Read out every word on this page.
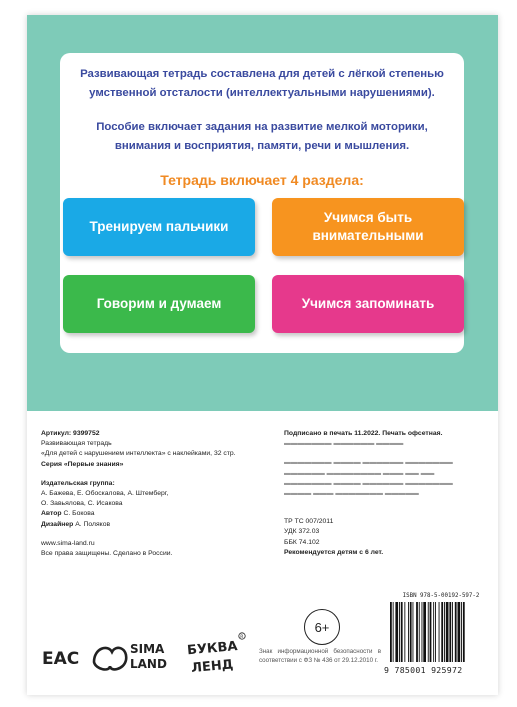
Развивающая тетрадь составлена для детей с лёгкой степенью умственной отсталости (интеллектуальными нарушениями).

Пособие включает задания на развитие мелкой моторики, внимания и восприятия, памяти, речи и мышления.

Тетрадь включает 4 раздела:

Тренируем пальчики
Учимся быть внимательными
Говорим и думаем	Учимся запоминать
Артикул: 9399752
Развивающая тетрадь
«Для детей с нарушением интеллекта» с наклейками, 32 стр.
Серия «Первые знания»
Издательская группа:
А. Бажева, Е. Обоскалова, А. Штемберг,
О. Завьялова, С. Исакова
Автор С. Бокова
Дизайнер А. Поляков
www.sima-land.ru
Все права защищены. Сделано в России.
Подписано в печать 11.2022. Печать офсетная.
▬▬▬▬▬▬▬ ▬▬▬▬▬▬ ▬▬▬▬
▬▬▬▬▬▬▬ ▬▬▬▬ ▬▬▬▬▬▬ ▬▬▬▬▬▬▬
▬▬▬▬▬▬ ▬▬▬▬▬▬▬▬ ▬▬▬ ▬▬ ▬▬
▬▬▬▬▬▬▬ ▬▬▬▬ ▬▬▬▬▬▬ ▬▬▬▬▬▬▬
▬▬▬▬ ▬▬▬ ▬▬▬▬▬▬▬ ▬▬▬▬▬
ТР ТС 007/2011
УДК 372.03
ББК 74.102
Рекомендуется детям с 6 лет.
EAC	SIMA
LAND
БУКВА
ЛЕНД
R
6+
Знак информационной безопасности в соответствии с ФЗ № 436 от 29.12.2010 г.
ISBN 978-5-00192-597-2
9 785001 925972
